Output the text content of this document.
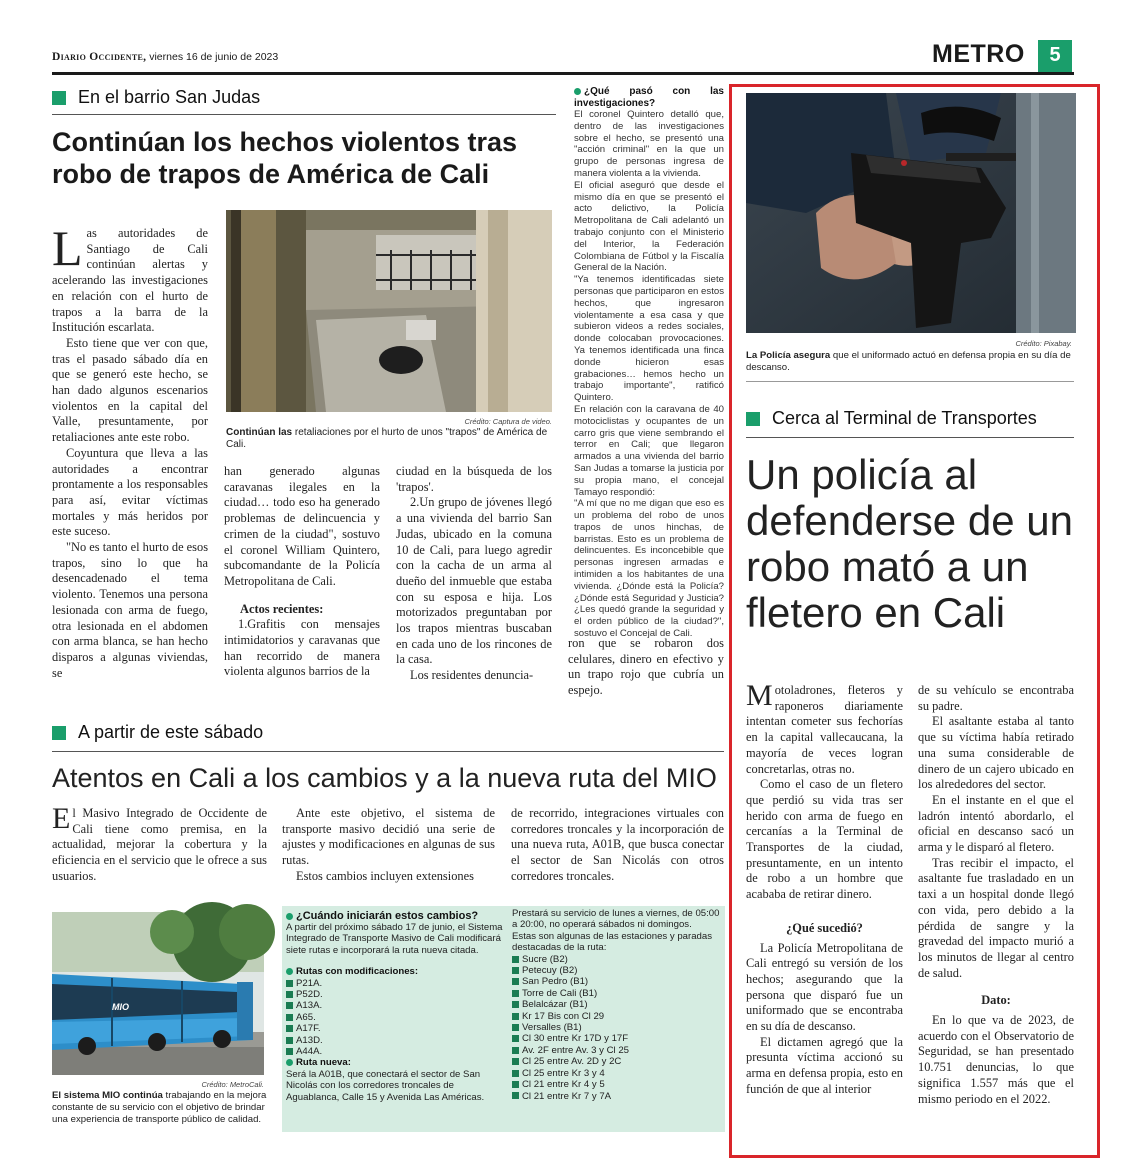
Diario Occidente, viernes 16 de junio de 2023	METRO	5
En el barrio San Judas
Continúan los hechos violentos tras robo de trapos de América de Cali

Las autoridades de Santiago de Cali continúan alertas y acelerando las investigaciones en relación con el hurto de trapos a la barra de la Institución escarlata.

Esto tiene que ver con que, tras el pasado sábado día en que se generó este hecho, se han dado algunos escenarios violentos en la capital del Valle, presuntamente, por retaliaciones ante este robo.

Coyuntura que lleva a las autoridades a encontrar prontamente a los responsables para así, evitar víctimas mortales y más heridos por este suceso.

"No es tanto el hurto de esos trapos, sino lo que ha desencadenado el tema violento. Tenemos una persona lesionada con arma de fuego, otra lesionada en el abdomen con arma blanca, se han hecho disparos a algunas viviendas, se

Crédito: Captura de video.
Continúan las retaliaciones por el hurto de unos "trapos" de América de Cali.

han generado algunas caravanas ilegales en la ciudad… todo eso ha generado problemas de delincuencia y crimen de la ciudad", sostuvo el coronel William Quintero, subcomandante de la Policía Metropolitana de Cali.

Actos recientes:

1.Grafitis con mensajes intimidatorios y caravanas que han recorrido de manera violenta algunos barrios de la

ciudad en la búsqueda de los 'trapos'.

2.Un grupo de jóvenes llegó a una vivienda del barrio San Judas, ubicado en la comuna 10 de Cali, para luego agredir con la cacha de un arma al dueño del inmueble que estaba con su esposa e hija. Los motorizados preguntaban por los trapos mientras buscaban en cada uno de los rincones de la casa.

Los residentes denuncia-

¿Qué pasó con las investigaciones?

El coronel Quintero detalló que, dentro de las investigaciones sobre el hecho, se presentó una "acción criminal" en la que un grupo de personas ingresa de manera violenta a la vivienda.

El oficial aseguró que desde el mismo día en que se presentó el acto delictivo, la Policía Metropolitana de Cali adelantó un trabajo conjunto con el Ministerio del Interior, la Federación Colombiana de Fútbol y la Fiscalía General de la Nación.

"Ya tenemos identificadas siete personas que participaron en estos hechos, que ingresaron violentamente a esa casa y que subieron videos a redes sociales, donde colocaban provocaciones. Ya tenemos identificada una finca donde hicieron esas grabaciones… hemos hecho un trabajo importante", ratificó Quintero.

En relación con la caravana de 40 motociclistas y ocupantes de un carro gris que viene sembrando el terror en Cali; que llegaron armados a una vivienda del barrio San Judas a tomarse la justicia por su propia mano, el concejal Tamayo respondió:

"A mí que no me digan que eso es un problema del robo de unos trapos de unos hinchas, de barristas. Esto es un problema de delincuentes. Es inconcebible que personas ingresen armadas e intimiden a los habitantes de una vivienda. ¿Dónde está la Policía? ¿Dónde está Seguridad y Justicia? ¿Les quedó grande la seguridad y el orden público de la ciudad?", sostuvo el Concejal de Cali.

ron que se robaron dos celulares, dinero en efectivo y un trapo rojo que cubría un espejo.

A partir de este sábado
Atentos en Cali a los cambios y a la nueva ruta del MIO

El Masivo Integrado de Occidente de Cali tiene como premisa, en la actualidad, mejorar la cobertura y la eficiencia en el servicio que le ofrece a sus usuarios.

Ante este objetivo, el sistema de transporte masivo decidió una serie de ajustes y modificaciones en algunas de sus rutas.

Estos cambios incluyen extensiones

de recorrido, integraciones virtuales con corredores troncales y la incorporación de una nueva ruta, A01B, que busca conectar el sector de San Nicolás con otros corredores troncales.

MIO
Crédito: MetroCali.
El sistema MIO continúa trabajando en la mejora constante de su servicio con el objetivo de brindar una experiencia de transporte público de calidad.
¿Cuándo iniciarán estos cambios?
A partir del próximo sábado 17 de junio, el Sistema Integrado de Transporte Masivo de Cali modificará siete rutas e incorporará la ruta nueva citada.
Rutas con modificaciones:
P21A.
P52D.
A13A.
A65.
A17F.
A13D.
A44A.
Ruta nueva:
Será la A01B, que conectará el sector de San Nicolás con los corredores troncales de Aguablanca, Calle 15 y Avenida Las Américas.
Prestará su servicio de lunes a viernes, de 05:00 a 20:00, no operará sábados ni domingos.
Estas son algunas de las estaciones y paradas destacadas de la ruta:
Sucre (B2)
Petecuy (B2)
San Pedro (B1)
Torre de Cali (B1)
Belalcázar (B1)
Kr 17 Bis con Cl 29
Versalles (B1)
Cl 30 entre Kr 17D y 17F
Av. 2F entre Av. 3 y Cl 25
Cl 25 entre Av. 2D y 2C
Cl 25 entre Kr 3 y 4
Cl 21 entre Kr 4 y 5
Cl 21 entre Kr 7 y 7A
Crédito: Pixabay.
La Policía asegura que el uniformado actuó en defensa propia en su día de descanso.
Cerca al Terminal de Transportes
Un policía al defenderse de un robo mató a un fletero en Cali

Motoladrones, fleteros y raponeros diariamente intentan cometer sus fechorías en la capital vallecaucana, la mayoría de veces logran concretarlas, otras no.

Como el caso de un fletero que perdió su vida tras ser herido con arma de fuego en cercanías a la Terminal de Transportes de la ciudad, presuntamente, en un intento de robo a un hombre que acababa de retirar dinero.

¿Qué sucedió?

La Policía Metropolitana de Cali entregó su versión de los hechos; asegurando que la persona que disparó fue un uniformado que se encontraba en su día de descanso.

El dictamen agregó que la presunta víctima accionó su arma en defensa propia, esto en función de que al interior

de su vehículo se encontraba su padre.

El asaltante estaba al tanto que su víctima había retirado una suma considerable de dinero de un cajero ubicado en los alrededores del sector.

En el instante en el que el ladrón intentó abordarlo, el oficial en descanso sacó un arma y le disparó al fletero.

Tras recibir el impacto, el asaltante fue trasladado en un taxi a un hospital donde llegó con vida, pero debido a la pérdida de sangre y la gravedad del impacto murió a los minutos de llegar al centro de salud.

Dato:

En lo que va de 2023, de acuerdo con el Observatorio de Seguridad, se han presentado 10.751 denuncias, lo que significa 1.557 más que el mismo periodo en el 2022.
